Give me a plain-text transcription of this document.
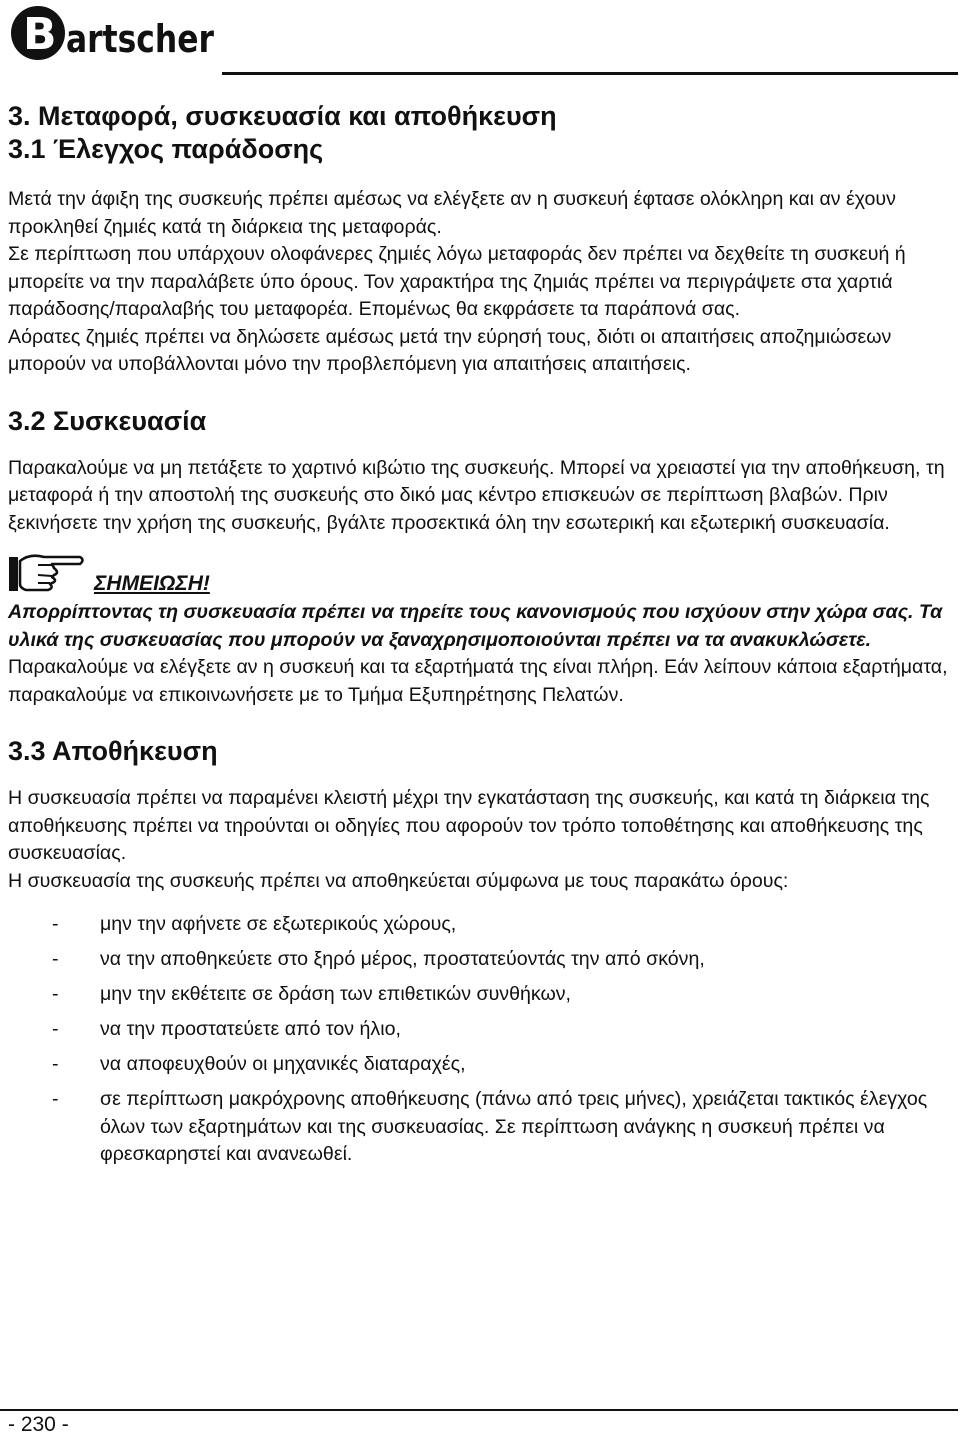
B artscher
3. Μεταφορά, συσκευασία και αποθήκευση
3.1 Έλεγχος παράδοσης

Μετά την άφιξη της συσκευής πρέπει αμέσως να ελέγξετε αν η συσκευή έφτασε ολόκληρη και αν έχουν προκληθεί ζημιές κατά τη διάρκεια της μεταφοράς.

Σε περίπτωση που υπάρχουν ολοφάνερες ζημιές λόγω μεταφοράς δεν πρέπει να δεχθείτε τη συσκευή ή μπορείτε να την παραλάβετε ύπο όρους. Τον χαρακτήρα της ζημιάς πρέπει να περιγράψετε στα χαρτιά παράδοσης/παραλαβής του μεταφορέα. Επομένως θα εκφράσετε τα παράπονά σας.

Αόρατες ζημιές πρέπει να δηλώσετε αμέσως μετά την εύρησή τους, διότι οι απαιτήσεις αποζημιώσεων μπορούν να υποβάλλονται μόνο την προβλεπόμενη για απαιτήσεις απαιτήσεις.

3.2 Συσκευασία

Παρακαλούμε να μη πετάξετε το χαρτινό κιβώτιο της συσκευής. Μπορεί να χρειαστεί για την αποθήκευση, τη μεταφορά ή την αποστολή της συσκευής στο δικό μας κέντρο επισκευών σε περίπτωση βλαβών. Πριν ξεκινήσετε την χρήση της συσκευής, βγάλτε προσεκτικά όλη την εσωτερική και εξωτερική συσκευασία.

ΣΗΜΕΙΩΣΗ!

Απορρίπτοντας τη συσκευασία πρέπει να τηρείτε τους κανονισμούς που ισχύουν στην χώρα σας. Τα υλικά της συσκευασίας που μπορούν να ξαναχρησιμοποιούνται πρέπει να τα ανακυκλώσετε.

Παρακαλούμε να ελέγξετε αν η συσκευή και τα εξαρτήματά της είναι πλήρη. Εάν λείπουν κάποια εξαρτήματα, παρακαλούμε να επικοινωνήσετε με το Τμήμα Εξυπηρέτησης Πελατών.

3.3 Αποθήκευση

Η συσκευασία πρέπει να παραμένει κλειστή μέχρι την εγκατάσταση της συσκευής, και κατά τη διάρκεια της αποθήκευσης πρέπει να τηρούνται οι οδηγίες που αφορούν τον τρόπο τοποθέτησης και αποθήκευσης της συσκευασίας.

Η συσκευασία της συσκευής πρέπει να αποθηκεύεται σύμφωνα με τους παρακάτω όρους:

- μην την αφήνετε σε εξωτερικούς χώρους,
- να την αποθηκεύετε στο ξηρό μέρος, προστατεύοντάς την από σκόνη,
- μην την εκθέτειτε σε δράση των επιθετικών συνθήκων,
- να την προστατεύετε από τον ήλιο,
- να αποφευχθούν οι μηχανικές διαταραχές,
- σε περίπτωση μακρόχρονης αποθήκευσης (πάνω από τρεις μήνες), χρειάζεται τακτικός έλεγχος όλων των εξαρτημάτων και της συσκευασίας. Σε περίπτωση ανάγκης η συσκευή πρέπει να φρεσκαρηστεί και ανανεωθεί.
- 230 -
